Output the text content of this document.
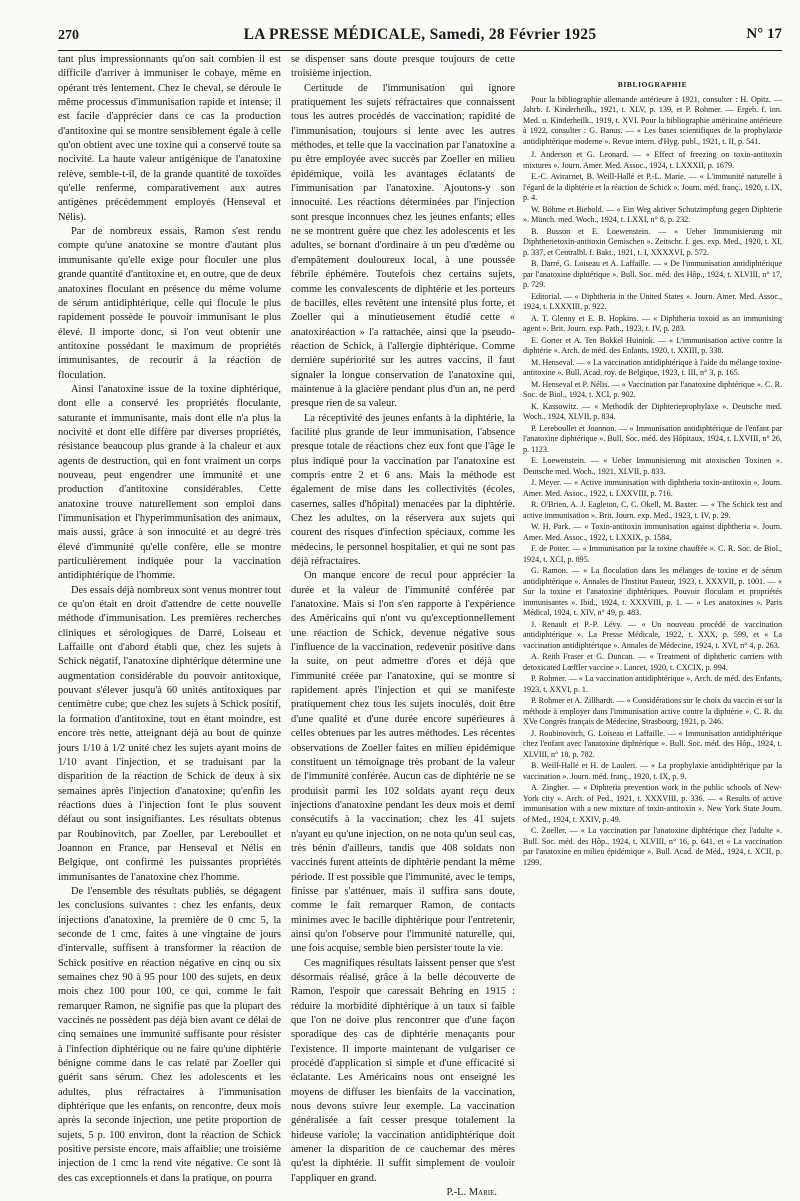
270	LA PRESSE MÉDICALE, Samedi, 28 Février 1925	N° 17

tant plus impressionnants qu'on sait combien il est difficile d'arriver à immuniser le cobaye, même en opérant très lentement. Chez le cheval, se déroule le même processus d'immunisation rapide et intense; il est facile d'apprécier dans ce cas la production d'antitoxine qui se montre sensiblement égale à celle qu'on obtient avec une toxine qui a conservé toute sa nocivité. La haute valeur antigénique de l'anatoxine relève, semble-t-il, de la grande quantité de toxoïdes qu'elle renferme, comparativement aux autres antigènes précédemment employés (Henseval et Nélis).

Par de nombreux essais, Ramon s'est rendu compte qu'une anatoxine se montre d'autant plus immunisante qu'elle exige pour floculer une plus grande quantité d'antitoxine et, en outre, que de deux anatoxines floculant en présence du même volume de sérum antidiphtérique, celle qui flocule le plus rapidement possède le pouvoir immunisant le plus élevé. Il importe donc, si l'on veut obtenir une antitoxine possédant le maximum de propriétés immunisantes, de recourir à la réaction de floculation.

Ainsi l'anatoxine issue de la toxine diphtérique, dont elle a conservé les propriétés floculante, saturante et immunisante, mais dont elle n'a plus la nocivité et dont elle diffère par diverses propriétés, résistance beaucoup plus grande à la chaleur et aux agents de destruction, qui en font vraiment un corps nouveau, peut engendrer une immunité et une production d'antitoxine considérables. Cette anatoxine trouve naturellement son emploi dans l'immunisation et l'hyperimmunisation des animaux, mais aussi, grâce à son innocuité et au degré très élevé d'immunité qu'elle confère, elle se montre particulièrement indiquée pour la vaccination antidiphtérique de l'homme.

Des essais déjà nombreux sont venus montrer tout ce qu'on était en droit d'attendre de cette nouvelle méthode d'immunisation. Les premières recherches cliniques et sérologiques de Darré, Loiseau et Laffaille ont d'abord établi que, chez les sujets à Schick négatif, l'anatoxine diphtérique détermine une augmentation considérable du pouvoir antitoxique, pouvant s'élever jusqu'à 60 unités antitoxiques par centimètre cube; que chez les sujets à Schick positif, la formation d'antitoxine, tout en étant moindre, est encore très nette, atteignant déjà au bout de quinze jours 1/10 à 1/2 unité chez les sujets ayant moins de 1/10 avant l'injection, et se traduisant par la disparition de la réaction de Schick de deux à six semaines après l'injection d'anatoxine; qu'enfin les réactions dues à l'injection font le plus souvent défaut ou sont insignifiantes. Les résultats obtenus par Roubinovitch, par Zoeller, par Lereboullet et Joannon en France, par Henseval et Nélis en Belgique, ont confirmé les puissantes propriétés immunisantes de l'anatoxine chez l'homme.

De l'ensemble des résultats publiés, se dégagent les conclusions suivantes : chez les enfants, deux injections d'anatoxine, la première de 0 cmc 5, la seconde de 1 cmc, faites à une vingtaine de jours d'intervalle, suffisent à transformer la réaction de Schick positive en réaction négative en cinq ou six semaines chez 90 à 95 pour 100 des sujets, en deux mois chez 100 pour 100, ce qui, comme le fait remarquer Ramon, ne signifie pas que la plupart des vaccinés ne possèdent pas déjà bien avant ce délai de cinq semaines une immunité suffisante pour résister à l'infection diphtérique ou ne faire qu'une diphtérie bénigne comme dans le cas relaté par Zoeller qui guérit sans sérum. Chez les adolescents et les adultes, plus réfractaires à l'immunisation diphtérique que les enfants, on rencontre, deux mois après la seconde injection, une petite proportion de sujets, 5 p. 100 environ, dont la réaction de Schick positive persiste encore, mais affaiblie; une troisième injection de 1 cmc la rend vite négative. Ce sont là des cas exceptionnels et dans la pratique, on pourra

se dispenser sans doute presque toujours de cette troisième injection.

Certitude de l'immunisation qui ignore pratiquement les sujets réfractaires que connaissent tous les autres procédés de vaccination; rapidité de l'immunisation, toujours si lente avec les autres méthodes, et telle que la vaccination par l'anatoxine a pu être employée avec succès par Zoeller en milieu épidémique, voilà les avantages éclatants de l'immunisation par l'anatoxine. Ajoutons-y son innocuité. Les réactions déterminées par l'injection sont presque inconnues chez les jeunes enfants; elles ne se montrent guère que chez les adolescents et les adultes, se bornant d'ordinaire à un peu d'œdème ou d'empâtement douloureux local, à une poussée fébrile éphémère. Toutefois chez certains sujets, comme les convalescents de diphtérie et les porteurs de bacilles, elles revêtent une intensité plus forte, et Zoeller qui a minutieusement étudié cette « anatoxiréaction » l'a rattachée, ainsi que la pseudo-réaction de Schick, à l'allergie diphtérique. Comme dernière supériorité sur les autres vaccins, il faut signaler la longue conservation de l'anatoxine qui, maintenue à la glacière pendant plus d'un an, ne perd presque rien de sa valeur.

La réceptivité des jeunes enfants à la diphtérie, la facilité plus grande de leur immunisation, l'absence presque totale de réactions chez eux font que l'âge le plus indiqué pour la vaccination par l'anatoxine est compris entre 2 et 6 ans. Mais la méthode est également de mise dans les collectivités (écoles, casernes, salles d'hôpital) menacées par la diphtérie. Chez les adultes, on la réservera aux sujets qui courent des risques d'infection spéciaux, comme les médecins, le personnel hospitalier, et qui ne sont pas déjà réfractaires.

On manque encore de recul pour apprécier la durée et la valeur de l'immunité conférée par l'anatoxine. Mais si l'on s'en rapporte à l'expérience des Américains qui n'ont vu qu'exceptionnellement une réaction de Schick, devenue négative sous l'influence de la vaccination, redevenir positive dans la suite, on peut admettre d'ores et déjà que l'immunité créée par l'anatoxine, qui se montre si rapidement après l'injection et qui se manifeste pratiquement chez tous les sujets inoculés, doit être d'une qualité et d'une durée encore supérieures à celles obtenues par les autres méthodes. Les récentes observations de Zoeller faites en milieu épidémique constituent un témoignage très probant de la valeur de l'immunité conférée. Aucun cas de diphtérie ne se produisit parmi les 102 soldats ayant reçu deux injections d'anatoxine pendant les deux mois et demi consécutifs à la vaccination; chez les 41 sujets n'ayant eu qu'une injection, on ne nota qu'un seul cas, très bénin d'ailleurs, tandis que 408 soldats non vaccinés furent atteints de diphtérie pendant la même période. Il est possible que l'immunité, avec le temps, finisse par s'atténuer, mais il suffira sans doute, comme le fait remarquer Ramon, de contacts minimes avec le bacille diphtérique pour l'entretenir, ainsi qu'on l'observe pour l'immunité naturelle, qui, une fois acquise, semble bien persister toute la vie.

Ces magnifiques résultats laissent penser que s'est désormais réalisé, grâce à la belle découverte de Ramon, l'espoir que caressait Behring en 1915 : réduire la morbidité diphtérique à un taux si faible que l'on ne doive plus rencontrer que d'une façon sporadique des cas de diphtérie menaçants pour l'existence. Il importe maintenant de vulgariser ce procédé d'application si simple et d'une efficacité si éclatante. Les Américains nous ont enseigné les moyens de diffuser les bienfaits de la vaccination, nous devons suivre leur exemple. La vaccination généralisée a fait cesser presque totalement la hideuse variole; la vaccination antidiphtérique doit amener la disparition de ce cauchemar des mères qu'est la diphtérie. Il suffit simplement de vouloir l'appliquer en grand.

P.-L. Marie.

BIBLIOGRAPHIE

Pour la bibliographie allemande antérieure à 1921, consulter : H. Opitz. — Jahrb. f. Kinderheilk., 1921, t. XLV, p. 139, et P. Rohmer. — Ergeb. f. inn. Med. u. Kinderheilk., 1919, t. XVI. Pour la bibliographie américaine antérieure à 1922, consulter : G. Banus. — « Les bases scientifiques de la prophylaxie antidiphtérique moderne ». Revue intern. d'Hyg. publ., 1921, t. II, p. 541.

J. Anderson et G. Leonard. — « Effect of freezing on toxin-antitoxin mixtures ». Journ. Amer. Med. Assoc., 1924, t. LXXXII, p. 1679.

E.-C. Avirагnet, B. Weill-Hallé et P.-L. Marie. — « L'immunité naturelle à l'égard de la diphtérie et la réaction de Schick ». Journ. méd. franç., 1920, t. IX, p. 4.

W. Böhme et Biebold. — « Ein Weg aktiver Schutzimpfung gegen Diphterie ». Münch. med. Woch., 1924, t. LXXI, n° 8, p. 232.

B. Busson et E. Loewenstein. — « Ueber Immunisierung mit Diphtherietoxin-antitoxin Gemischen ». Zeitschr. f. ges. exp. Med., 1920, t. XI, p. 337, et Centralbl. f. Bakt., 1921, t. I, XXXXVI, p. 572.

B. Darré, G. Loiseau et A. Laffaille. — « De l'immunisation antidiphtérique par l'anatoxine diphtérique ». Bull. Soc. méd. des Hôp., 1924, t. XLVIII, n° 17, p. 729.

Editorial. — « Diphtheria in the United States ». Journ. Amer. Med. Assoc., 1924, t. LXXXIII, p. 922.

A. T. Glenny et E. B. Hopkins. — « Diphtheria toxoid as an immunising agent ». Brit. Journ. exp. Path., 1923, t. IV, p. 283.

E. Gorter et A. Ten Bokkel Huinink. — « L'immunisation active contre la diphtérie ». Arch. de méd. des Enfants, 1920, t. XXIII, p. 338.

M. Henseval. — « La vaccination antidiphtérique à l'aide du mélange toxine-antitoxine ». Bull. Acad. roy. de Belgique, 1923, t. III, n° 3, p. 165.

M. Henseval et P. Nélis. — « Vaccination par l'anatoxine diphtérique ». C. R. Soc. de Biol., 1924, t. XCI, p. 902.

K. Kassowitz. — « Methodik der Diphterieprophylaxe ». Deutsche med. Woch., 1924, XLVII, p. 834.

P. Lereboullet et Joannon. — « Immunisation antidiphtérique de l'enfant par l'anatoxine diphtérique ». Bull. Soc. méd. des Hôpitaux, 1924, t. LXVIII, n° 26, p. 1123.

E. Loewenstein. — « Ueber Immunisierung mit atoxischen Toxinen ». Deutsche med. Woch., 1921, XLVII, p. 833.

J. Meyer. — « Active immunisation with diphtheria toxin-antitoxin ». Journ. Amer. Med. Assoc., 1922, t. LXXVIII, p. 716.

R. O'Brien, A. J. Eagleton, C. C. Okell, M. Baxter. — « The Schick test and active immunisation ». Brit. Journ. exp. Med., 1923, t. IV, p. 29.

W. H. Park. — « Toxin-antitoxin immunisation against diphtheria ». Journ. Amer. Med. Assoc., 1922, t. LXXIX, p. 1584.

F. de Potter. — « Immunisation par la toxine chauffée ». C. R. Soc. de Biol., 1924, t. XCI, p. 895.

G. Ramon. — « La floculation dans les mélanges de toxine et de sérum antidiphtérique ». Annales de l'Institut Pasteur, 1923, t. XXXVII, p. 1001. — « Sur la toxine et l'anatoxine diphtériques. Pouvoir floculant et propriétés immunisantes ». Ibid., 1924, t. XXXVIII, p. 1. — « Les anatoxines ». Paris Médical, 1924, t. XIV, n° 49, p. 483.

J. Renault et P.-P. Lévy. — « Un nouveau procédé de vaccination antidiphtérique ». La Presse Médicale, 1922, t. XXX, p. 599, et « La vaccination antidiphtérique ». Annales de Médecine, 1924, t. XVI, n° 4, p. 263.

A. Reith Fraser et G. Duncan. — « Treatment of diphtheric carriers with detoxicated Lœffler vaccine ». Lancet, 1920, t. CXCIX, p. 994.

P. Rohmer. — « La vaccination antidiphtérique ». Arch. de méd. des Enfants, 1923, t. XXVI, p. 1.

P. Rohmer et A. Zillhardt. — « Considérations sur le choix du vaccin et sur la méthode à employer dans l'immunisation active contre la diphtérie ». C. R. du XVe Congrès français de Médecine, Strasbourg, 1921, p. 246.

J. Roubinovitch, G. Loiseau et Laffaille. — « Immunisation antidiphtérique chez l'enfant avec l'anatoxine diphtérique ». Bull. Soc. méd. des Hôp., 1924, t. XLVIII, n° 18, p. 782.

B. Weill-Hallé et H. de Lauleri. — « La prophylaxie antidiphtérique par la vaccination ». Journ. méd. franç., 1920, t. IX, p. 9.

A. Zingher. — « Diphteria prevention work in the public schools of New-York city ». Arch. of Ped., 1921, t. XXXVIII, p. 336. — « Results of active immunisation with a new mixture of toxin-antitoxin ». New York State Journ. of Med., 1924, t. XXIV, p. 49.

C. Zoeller. — « La vaccination par l'anatoxine diphtérique chez l'adulte ». Bull. Soc. méd. des Hôp., 1924, t. XLVIII, n° 16, p. 641, et « La vaccination par l'anatoxine en milieu épidémique ». Bull. Acad. de Méd., 1924, t. XCII, p. 1299.
